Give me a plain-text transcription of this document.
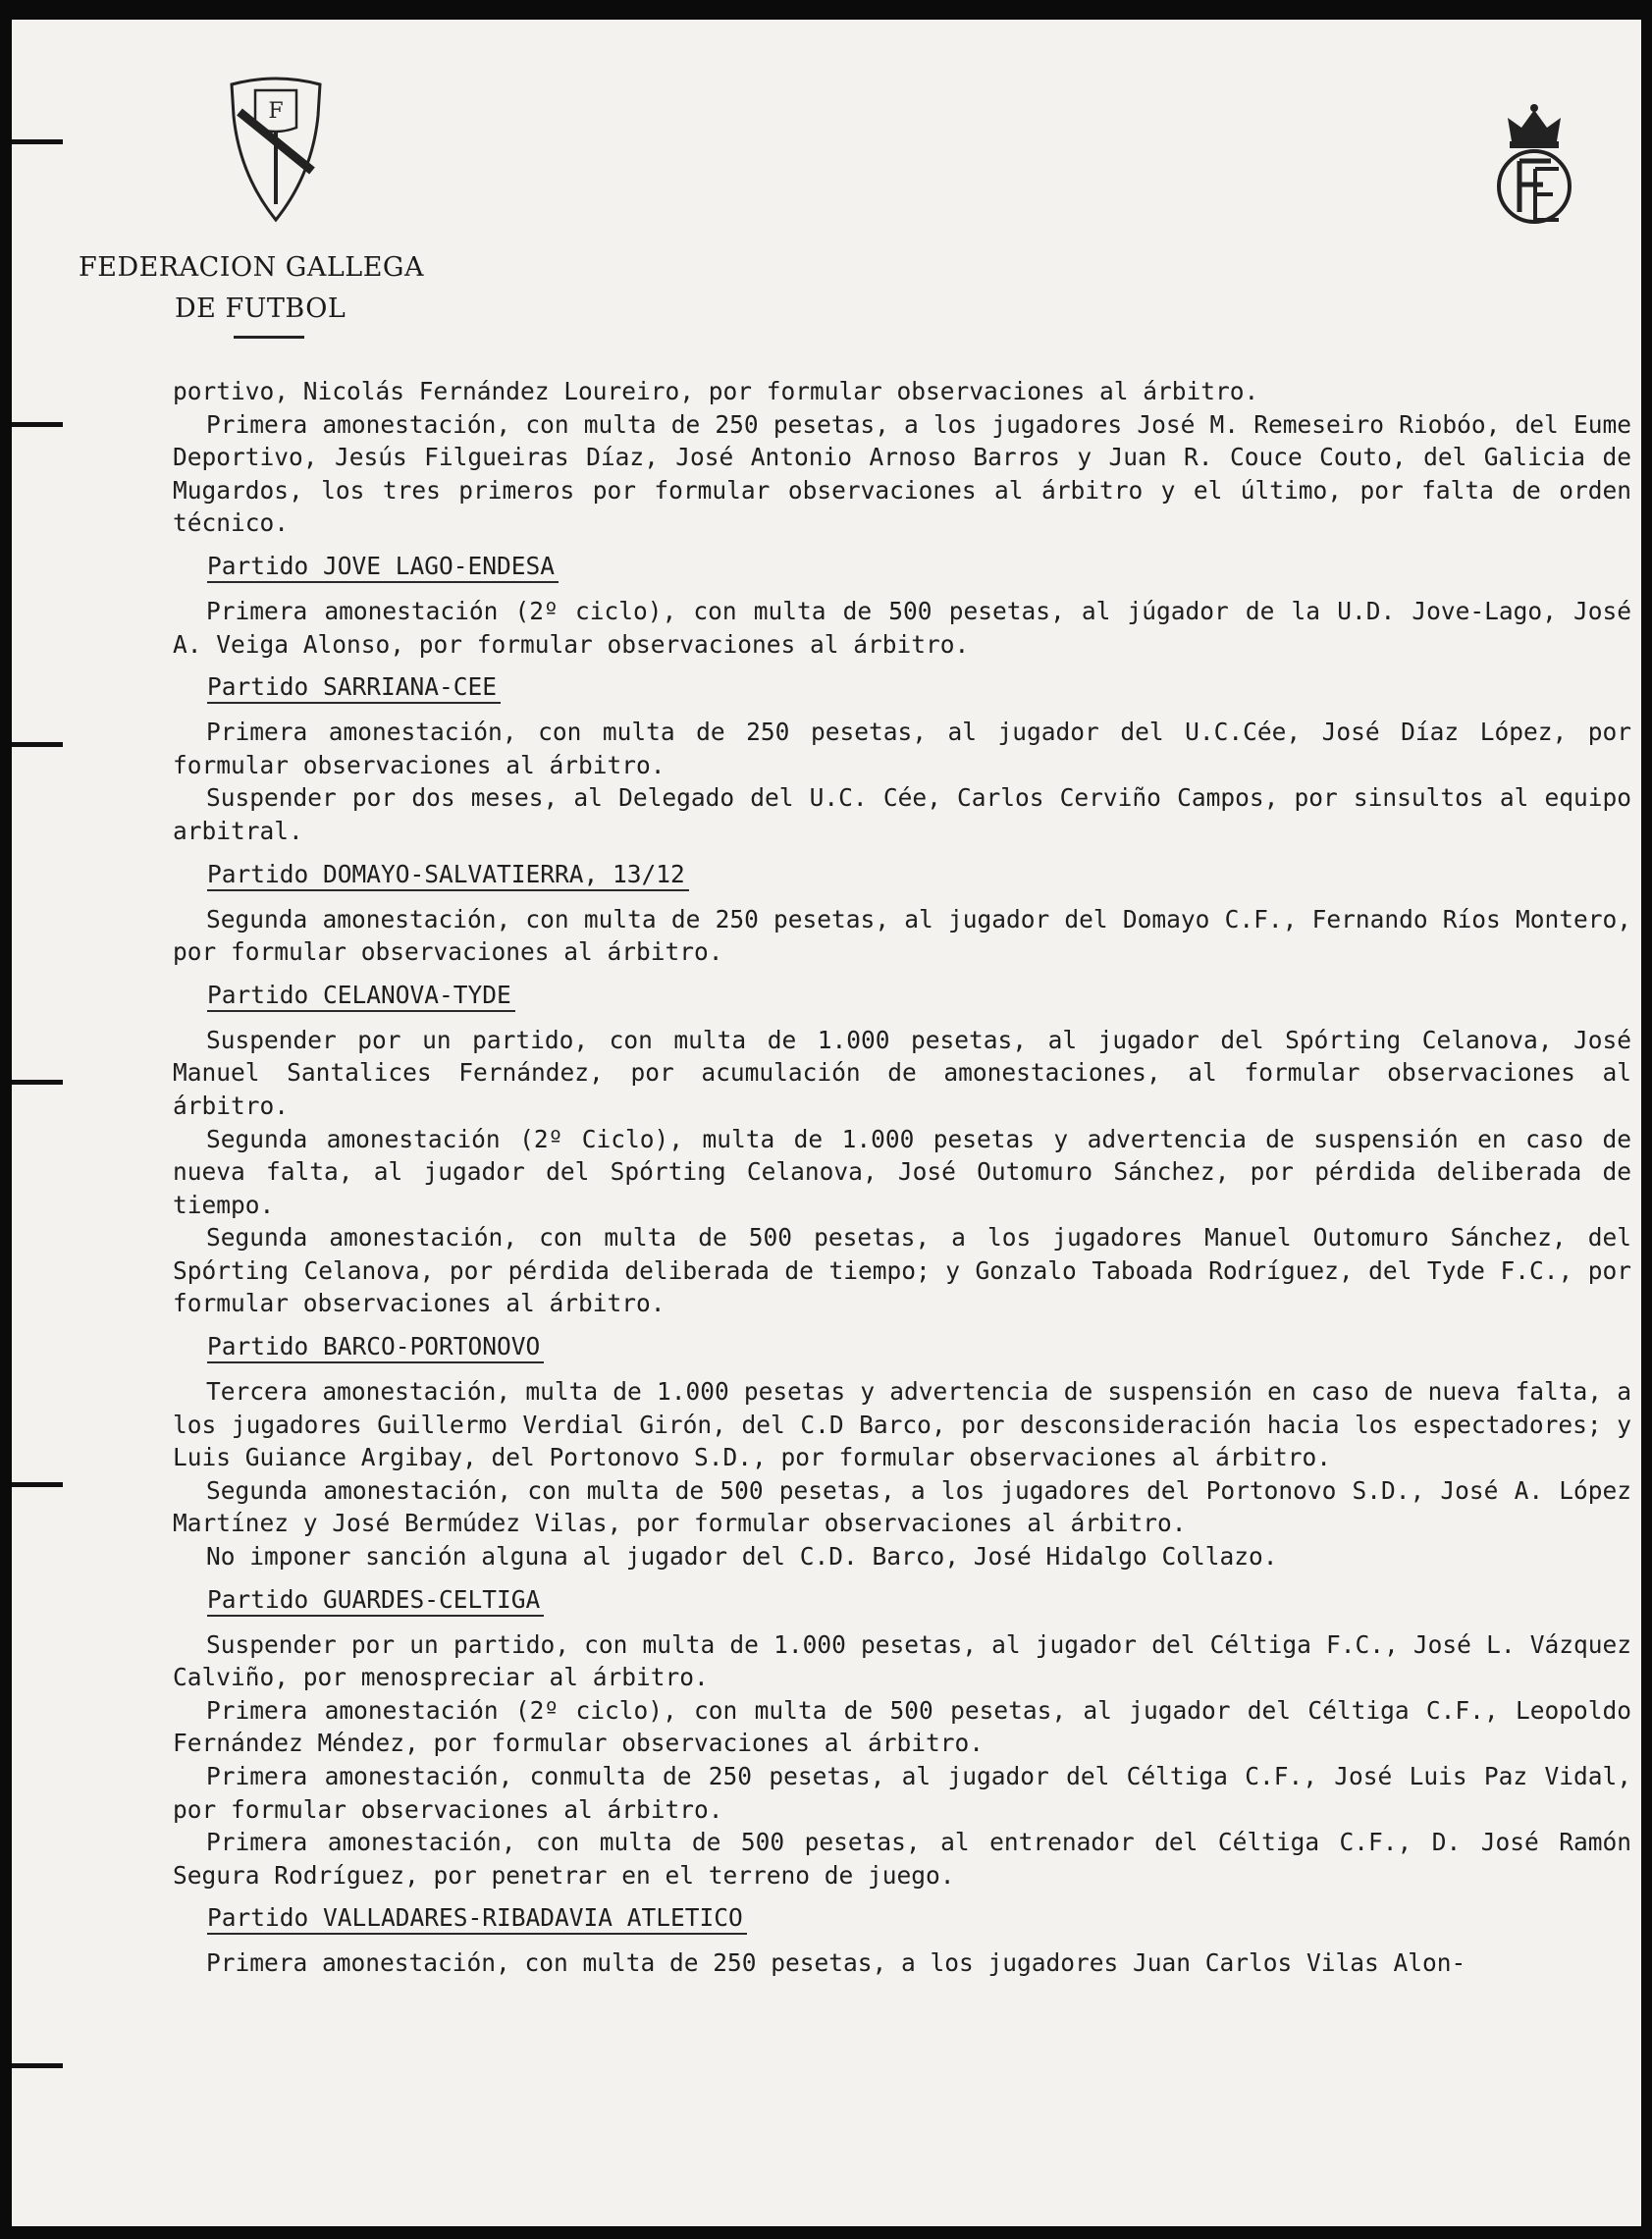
F
FEDERACION GALLEGA
DE FUTBOL

portivo, Nicolás Fernández Loureiro, por formular observaciones al árbitro.

Primera amonestación, con multa de 250 pesetas, a los jugadores José M. Remeseiro Riobóo, del Eume Deportivo, Jesús Filgueiras Díaz, José Antonio Arnoso Barros y Juan R. Couce Couto, del Galicia de Mugardos, los tres primeros por formular observaciones al árbitro y el último, por falta de orden técnico.

Partido JOVE LAGO-ENDESA

Primera amonestación (2º ciclo), con multa de 500 pesetas, al júgador de la U.D. Jove-Lago, José A. Veiga Alonso, por formular observaciones al árbitro.

Partido SARRIANA-CEE

Primera amonestación, con multa de 250 pesetas, al jugador del U.C.Cée, José Díaz López, por formular observaciones al árbitro.

Suspender por dos meses, al Delegado del U.C. Cée, Carlos Cerviño Campos, por sinsultos al equipo arbitral.

Partido DOMAYO-SALVATIERRA, 13/12

Segunda amonestación, con multa de 250 pesetas, al jugador del Domayo C.F., Fernando Ríos Montero, por formular observaciones al árbitro.

Partido CELANOVA-TYDE

Suspender por un partido, con multa de 1.000 pesetas, al jugador del Spórting Celanova, José Manuel Santalices Fernández, por acumulación de amonestaciones, al formular observaciones al árbitro.

Segunda amonestación (2º Ciclo), multa de 1.000 pesetas y advertencia de suspensión en caso de nueva falta, al jugador del Spórting Celanova, José Outomuro Sánchez, por pérdida deliberada de tiempo.

Segunda amonestación, con multa de 500 pesetas, a los jugadores Manuel Outomuro Sánchez, del Spórting Celanova, por pérdida deliberada de tiempo; y Gonzalo Taboada Rodríguez, del Tyde F.C., por formular observaciones al árbitro.

Partido BARCO-PORTONOVO

Tercera amonestación, multa de 1.000 pesetas y advertencia de suspensión en caso de nueva falta, a los jugadores Guillermo Verdial Girón, del C.D Barco, por desconsideración hacia los espectadores; y Luis Guiance Argibay, del Portonovo S.D., por formular observaciones al árbitro.

Segunda amonestación, con multa de 500 pesetas, a los jugadores del Portonovo S.D., José A. López Martínez y José Bermúdez Vilas, por formular observaciones al árbitro.

No imponer sanción alguna al jugador del C.D. Barco, José Hidalgo Collazo.

Partido GUARDES-CELTIGA

Suspender por un partido, con multa de 1.000 pesetas, al jugador del Céltiga F.C., José L. Vázquez Calviño, por menospreciar al árbitro.

Primera amonestación (2º ciclo), con multa de 500 pesetas, al jugador del Céltiga C.F., Leopoldo Fernández Méndez, por formular observaciones al árbitro.

Primera amonestación, conmulta de 250 pesetas, al jugador del Céltiga C.F., José Luis Paz Vidal, por formular observaciones al árbitro.

Primera amonestación, con multa de 500 pesetas, al entrenador del Céltiga C.F., D. José Ramón Segura Rodríguez, por penetrar en el terreno de juego.

Partido VALLADARES-RIBADAVIA ATLETICO

Primera amonestación, con multa de 250 pesetas, a los jugadores Juan Carlos Vilas Alon-
